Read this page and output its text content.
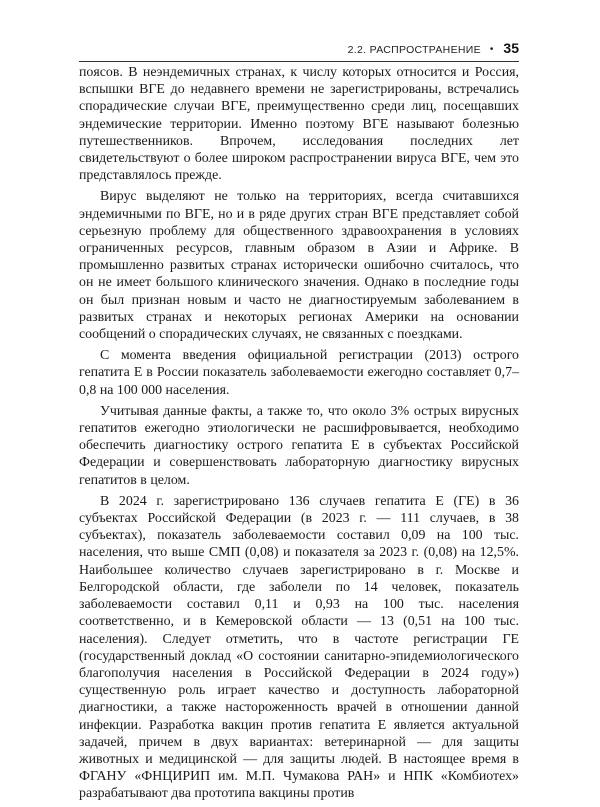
2.2. РАСПРОСТРАНЕНИЕ • 35

пoясов. В неэндемичных странах, к числу которых относится и Россия, вспышки ВГЕ до недавнего времени не зарегистрированы, встречались спорадические случаи ВГЕ, преимущественно среди лиц, посещавших эндемические территории. Именно поэтому ВГЕ называют болезнью путешественников. Впрочем, исследования последних лет свидетельствуют о более широком распространении вируса ВГЕ, чем это представлялось прежде.

Вирус выделяют не только на территориях, всегда считавшихся эндемичными по ВГЕ, но и в ряде других стран ВГЕ представляет собой серьезную проблему для общественного здравоохранения в условиях ограниченных ресурсов, главным образом в Азии и Африке. В промышленно развитых странах исторически ошибочно считалось, что он не имеет большого клинического значения. Однако в последние годы он был признан новым и часто не диагностируемым заболеванием в развитых странах и некоторых регионах Америки на основании сообщений о спорадических случаях, не связанных с поездками.

С момента введения официальной регистрации (2013) острого гепатита Е в России показатель заболеваемости ежегодно составляет 0,7–0,8 на 100 000 населения.

Учитывая данные факты, а также то, что около 3% острых вирусных гепатитов ежегодно этиологически не расшифровывается, необходимо обеспечить диагностику острого гепатита Е в субъектах Российской Федерации и совершенствовать лабораторную диагностику вирусных гепатитов в целом.

В 2024 г. зарегистрировано 136 случаев гепатита Е (ГЕ) в 36 субъектах Российской Федерации (в 2023 г. — 111 случаев, в 38 субъектах), показатель заболеваемости составил 0,09 на 100 тыс. населения, что выше СМП (0,08) и показателя за 2023 г. (0,08) на 12,5%. Наибольшее количество случаев зарегистрировано в г. Москве и Белгородской области, где заболели по 14 человек, показатель заболеваемости составил 0,11 и 0,93 на 100 тыс. населения соответственно, и в Кемеровской области — 13 (0,51 на 100 тыс. населения). Следует отметить, что в частоте регистрации ГЕ (государственный доклад «О состоянии санитарно-эпидемиологического благополучия населения в Российской Федерации в 2024 году») существенную роль играет качество и доступность лабораторной диагностики, а также настороженность врачей в отношении данной инфекции. Разработка вакцин против гепатита Е является актуальной задачей, причем в двух вариантах: ветеринарной — для защиты животных и медицинской — для защиты людей. В настоящее время в ФГАНУ «ФНЦИРИП им. М.П. Чумакова РАН» и НПК «Комбиотех» разрабатывают два прототипа вакцины против
